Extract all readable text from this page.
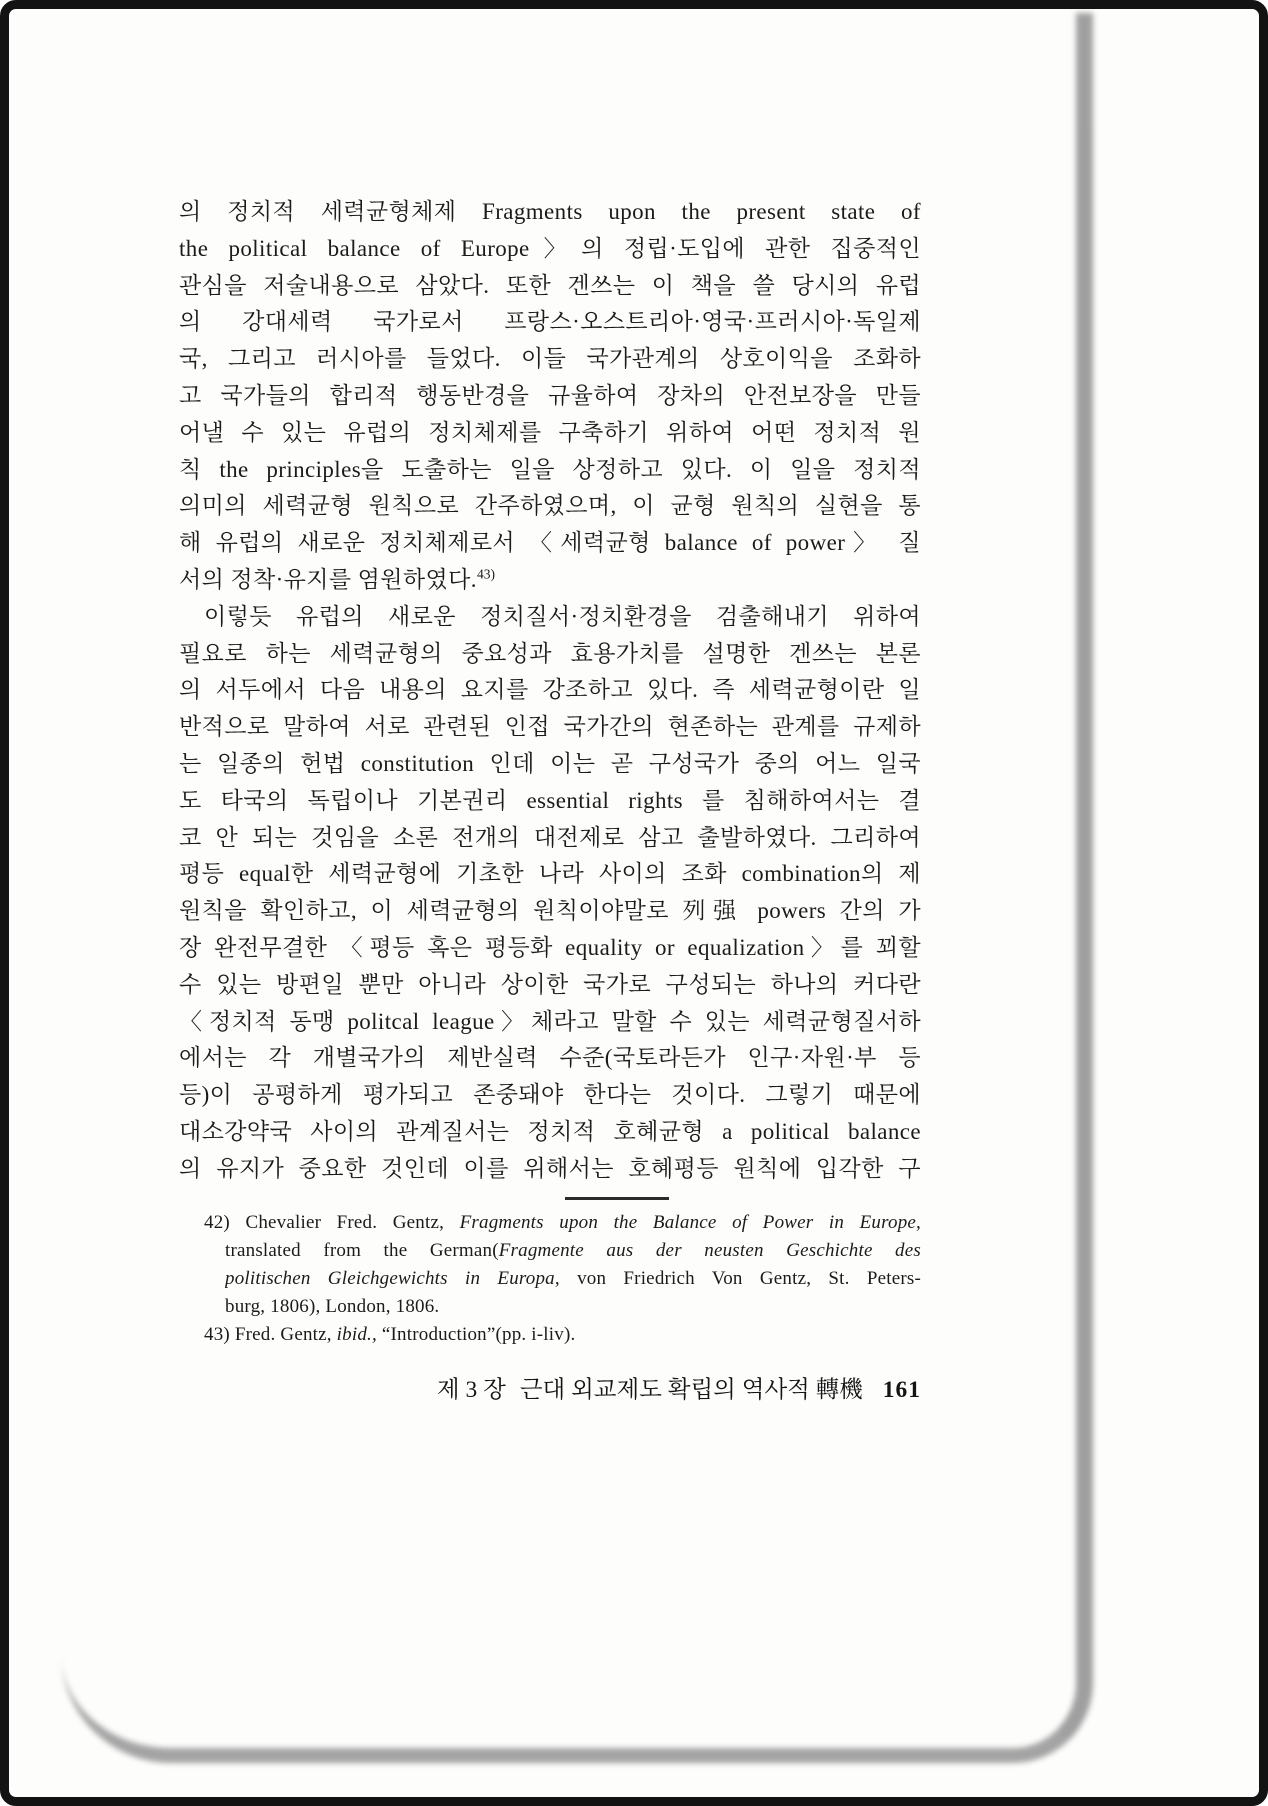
의 정치적 세력균형체제 Fragments upon the present state of
the political balance of Europe〉의 정립·도입에 관한 집중적인
관심을 저술내용으로 삼았다. 또한 겐쓰는 이 책을 쓸 당시의 유럽
의 강대세력 국가로서 프랑스·오스트리아·영국·프러시아·독일제
국, 그리고 러시아를 들었다. 이들 국가관계의 상호이익을 조화하
고 국가들의 합리적 행동반경을 규율하여 장차의 안전보장을 만들
어낼 수 있는 유럽의 정치체제를 구축하기 위하여 어떤 정치적 원
칙 the principles을 도출하는 일을 상정하고 있다. 이 일을 정치적
의미의 세력균형 원칙으로 간주하였으며, 이 균형 원칙의 실현을 통
해 유럽의 새로운 정치체제로서 〈세력균형 balance of power〉 질
서의 정착·유지를 염원하였다.$^{43)}$
이렇듯 유럽의 새로운 정치질서·정치환경을 검출해내기 위하여
필요로 하는 세력균형의 중요성과 효용가치를 설명한 겐쓰는 본론
의 서두에서 다음 내용의 요지를 강조하고 있다. 즉 세력균형이란 일
반적으로 말하여 서로 관련된 인접 국가간의 현존하는 관계를 규제하
는 일종의 헌법 constitution 인데 이는 곧 구성국가 중의 어느 일국
도 타국의 독립이나 기본권리 essential rights 를 침해하여서는 결
코 안 되는 것임을 소론 전개의 대전제로 삼고 출발하였다. 그리하여
평등 equal한 세력균형에 기초한 나라 사이의 조화 combination의 제
원칙을 확인하고, 이 세력균형의 원칙이야말로 列强 powers 간의 가
장 완전무결한 〈평등 혹은 평등화 equality or equalization〉를 꾀할
수 있는 방편일 뿐만 아니라 상이한 국가로 구성되는 하나의 커다란
〈정치적 동맹 politcal league〉체라고 말할 수 있는 세력균형질서하
에서는 각 개별국가의 제반실력 수준(국토라든가 인구·자원·부 등
등)이 공평하게 평가되고 존중돼야 한다는 것이다. 그렇기 때문에
대소강약국 사이의 관계질서는 정치적 호혜균형 a political balance
의 유지가 중요한 것인데 이를 위해서는 호혜평등 원칙에 입각한 구
42) Chevalier Fred. Gentz, Fragments upon the Balance of Power in Europe,
translated from the German(Fragmente aus der neusten Geschichte des
politischen Gleichgewichts in Europa, von Friedrich Von Gentz, St. Peters-
burg, 1806), London, 1806.
43) Fred. Gentz, ibid., “Introduction”(pp. i-liv).
제 3 장 근대 외교제도 확립의 역사적 轉機 161
